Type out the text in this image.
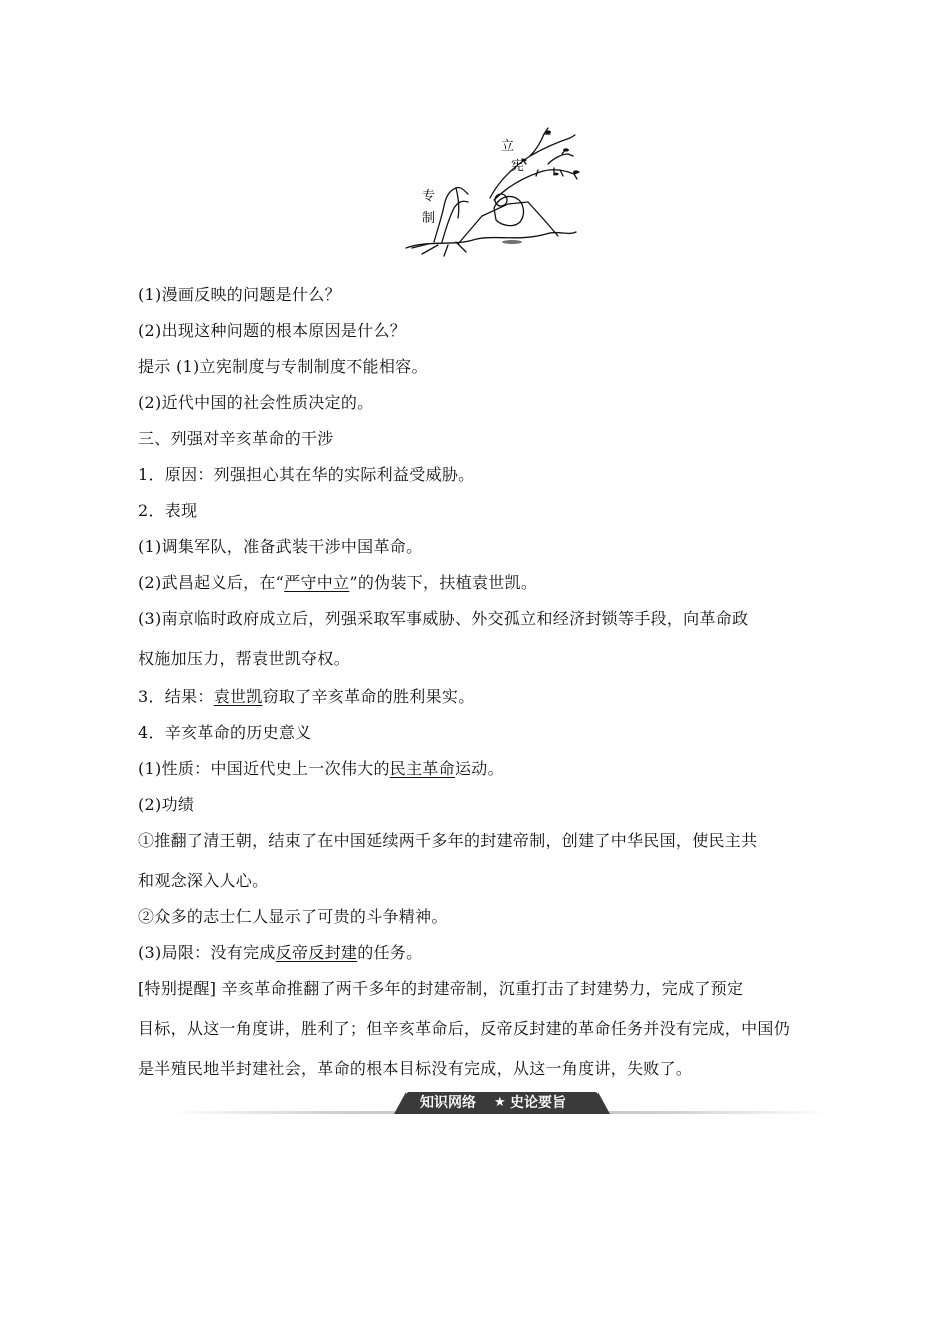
立
宪
专
制
(1)漫画反映的问题是什么？
(2)出现这种问题的根本原因是什么？
提示 (1)立宪制度与专制制度不能相容。
(2)近代中国的社会性质决定的。
三、列强对辛亥革命的干涉
1．原因：列强担心其在华的实际利益受威胁。
2．表现
(1)调集军队，准备武装干涉中国革命。
(2)武昌起义后，在“严守中立”的伪装下，扶植袁世凯。
(3)南京临时政府成立后，列强采取军事威胁、外交孤立和经济封锁等手段，向革命政
权施加压力，帮袁世凯夺权。
3．结果：袁世凯窃取了辛亥革命的胜利果实。
4．辛亥革命的历史意义
(1)性质：中国近代史上一次伟大的民主革命运动。
(2)功绩
①推翻了清王朝，结束了在中国延续两千多年的封建帝制，创建了中华民国，使民主共
和观念深入人心。
②众多的志士仁人显示了可贵的斗争精神。
(3)局限：没有完成反帝反封建的任务。
[特别提醒] 辛亥革命推翻了两千多年的封建帝制，沉重打击了封建势力，完成了预定
目标，从这一角度讲，胜利了；但辛亥革命后，反帝反封建的革命任务并没有完成，中国仍
是半殖民地半封建社会，革命的根本目标没有完成，从这一角度讲，失败了。
知识网络 ★ 史论要旨
